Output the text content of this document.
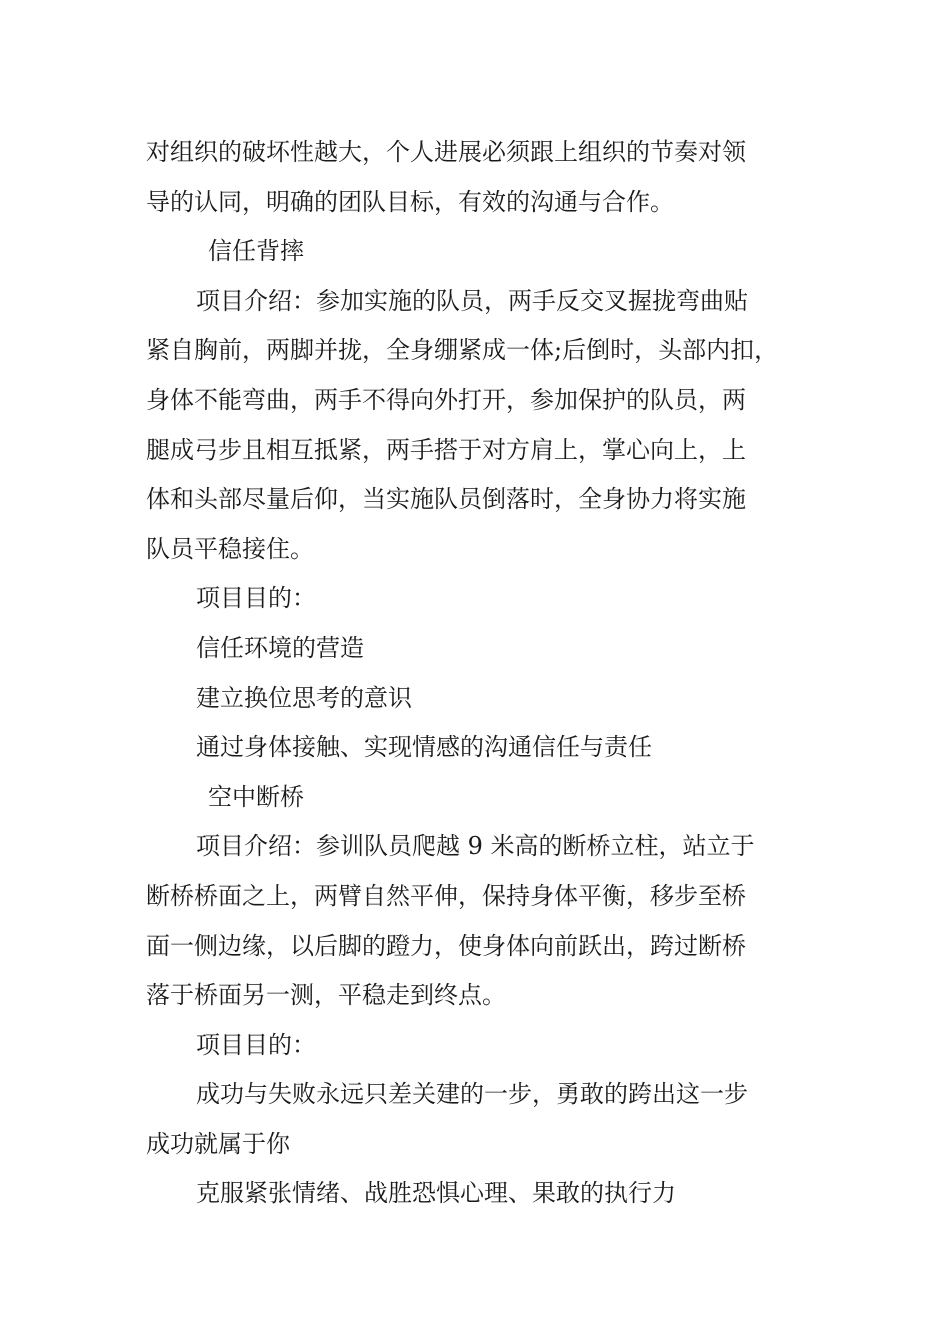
对组织的破坏性越大，个人进展必须跟上组织的节奏对领
导的认同，明确的团队目标，有效的沟通与合作。
信任背摔
项目介绍：参加实施的队员，两手反交叉握拢弯曲贴
紧自胸前，两脚并拢，全身绷紧成一体;后倒时，头部内扣，
身体不能弯曲，两手不得向外打开，参加保护的队员，两
腿成弓步且相互抵紧，两手搭于对方肩上，掌心向上，上
体和头部尽量后仰，当实施队员倒落时，全身协力将实施
队员平稳接住。
项目目的：
信任环境的营造
建立换位思考的意识
通过身体接触、实现情感的沟通信任与责任
空中断桥
项目介绍：参训队员爬越 9 米高的断桥立柱，站立于
断桥桥面之上，两臂自然平伸，保持身体平衡，移步至桥
面一侧边缘，以后脚的蹬力，使身体向前跃出，跨过断桥
落于桥面另一测，平稳走到终点。
项目目的：
成功与失败永远只差关建的一步，勇敢的跨出这一步
成功就属于你
克服紧张情绪、战胜恐惧心理、果敢的执行力
